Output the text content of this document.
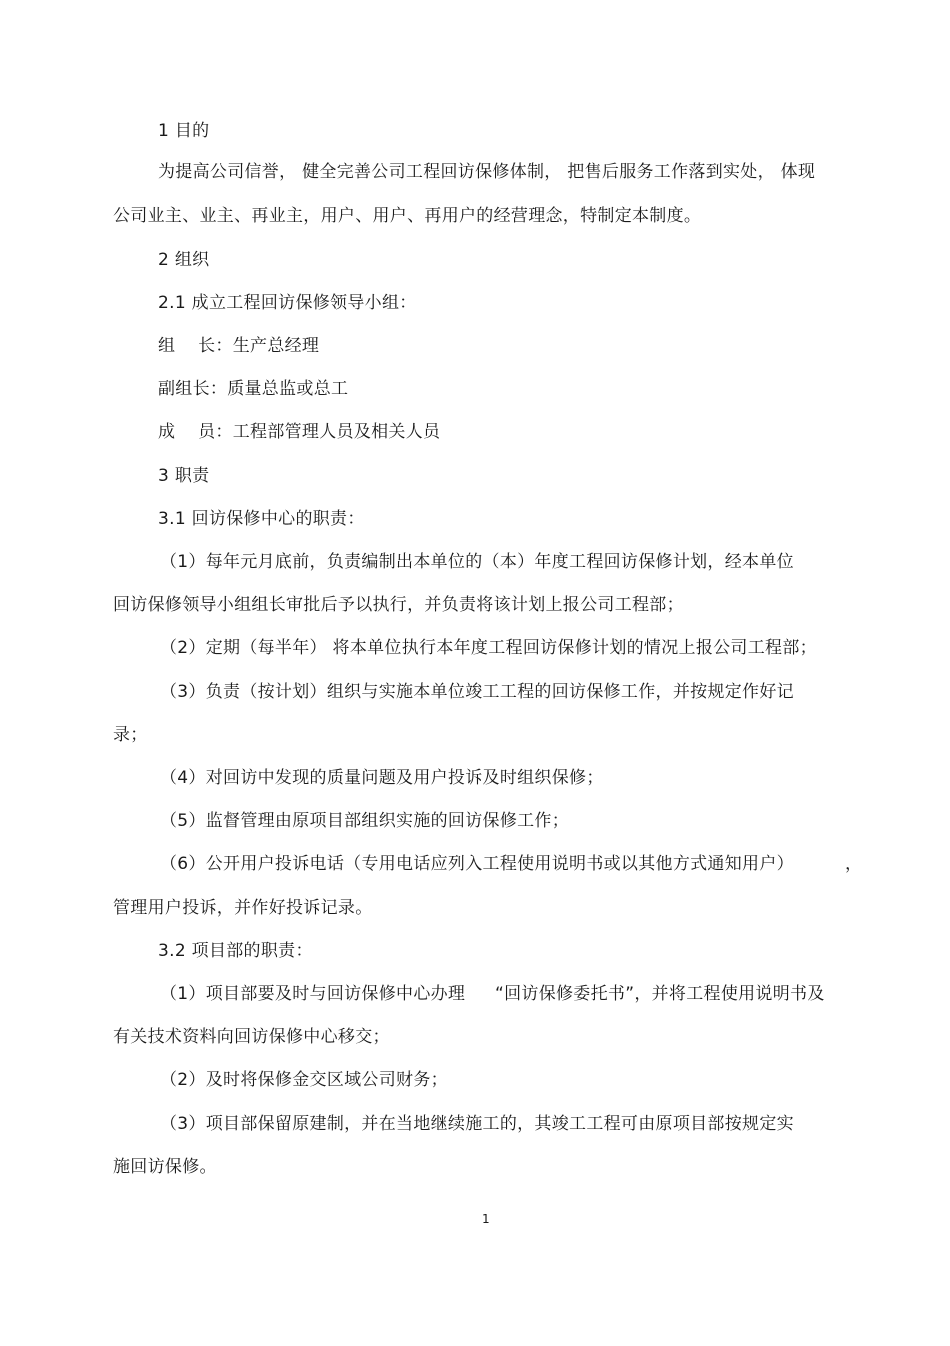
1 目的
为提高公司信誉， 健全完善公司工程回访保修体制， 把售后服务工作落到实处， 体现
公司业主、业主、再业主，用户、用户、再用户的经营理念，特制定本制度。
2 组织
2.1 成立工程回访保修领导小组：
组    长：生产总经理
副组长：质量总监或总工
成    员：工程部管理人员及相关人员
3 职责
3.1 回访保修中心的职责：
（1）每年元月底前，负责编制出本单位的（本）年度工程回访保修计划，经本单位
回访保修领导小组组长审批后予以执行，并负责将该计划上报公司工程部；
（2）定期（每半年） 将本单位执行本年度工程回访保修计划的情况上报公司工程部；
（3）负责（按计划）组织与实施本单位竣工工程的回访保修工作，并按规定作好记
录；
（4）对回访中发现的质量问题及用户投诉及时组织保修；
（5）监督管理由原项目部组织实施的回访保修工作；
（6）公开用户投诉电话（专用电话应列入工程使用说明书或以其他方式通知用户）	，
管理用户投诉，并作好投诉记录。
3.2 项目部的职责：
（1）项目部要及时与回访保修中心办理 “回访保修委托书”，并将工程使用说明书及
有关技术资料向回访保修中心移交；
（2）及时将保修金交区域公司财务；
（3）项目部保留原建制，并在当地继续施工的，其竣工工程可由原项目部按规定实
施回访保修。
1
